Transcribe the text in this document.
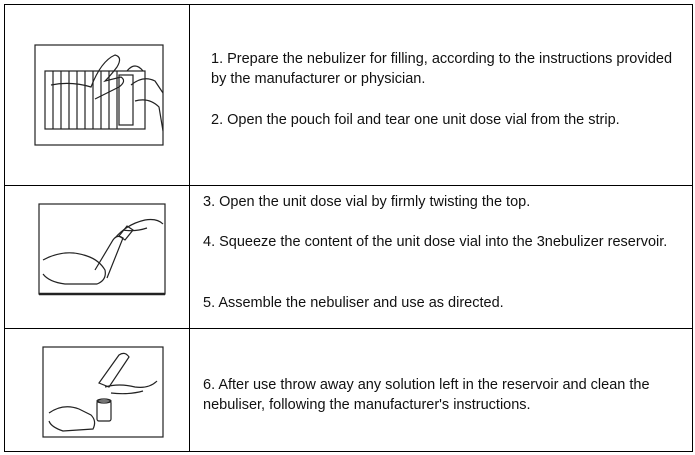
1. Prepare the nebulizer for filling, according to the instructions provided by the manufacturer or physician.

2. Open the pouch foil and tear one unit dose vial from the strip.

3. Open the unit dose vial by firmly twisting the top.

4. Squeeze the content of the unit dose vial into the 3nebulizer reservoir.

5. Assemble the nebuliser and use as directed.

6. After use throw away any solution left in the reservoir and clean the nebuliser, following the manufacturer's instructions.
